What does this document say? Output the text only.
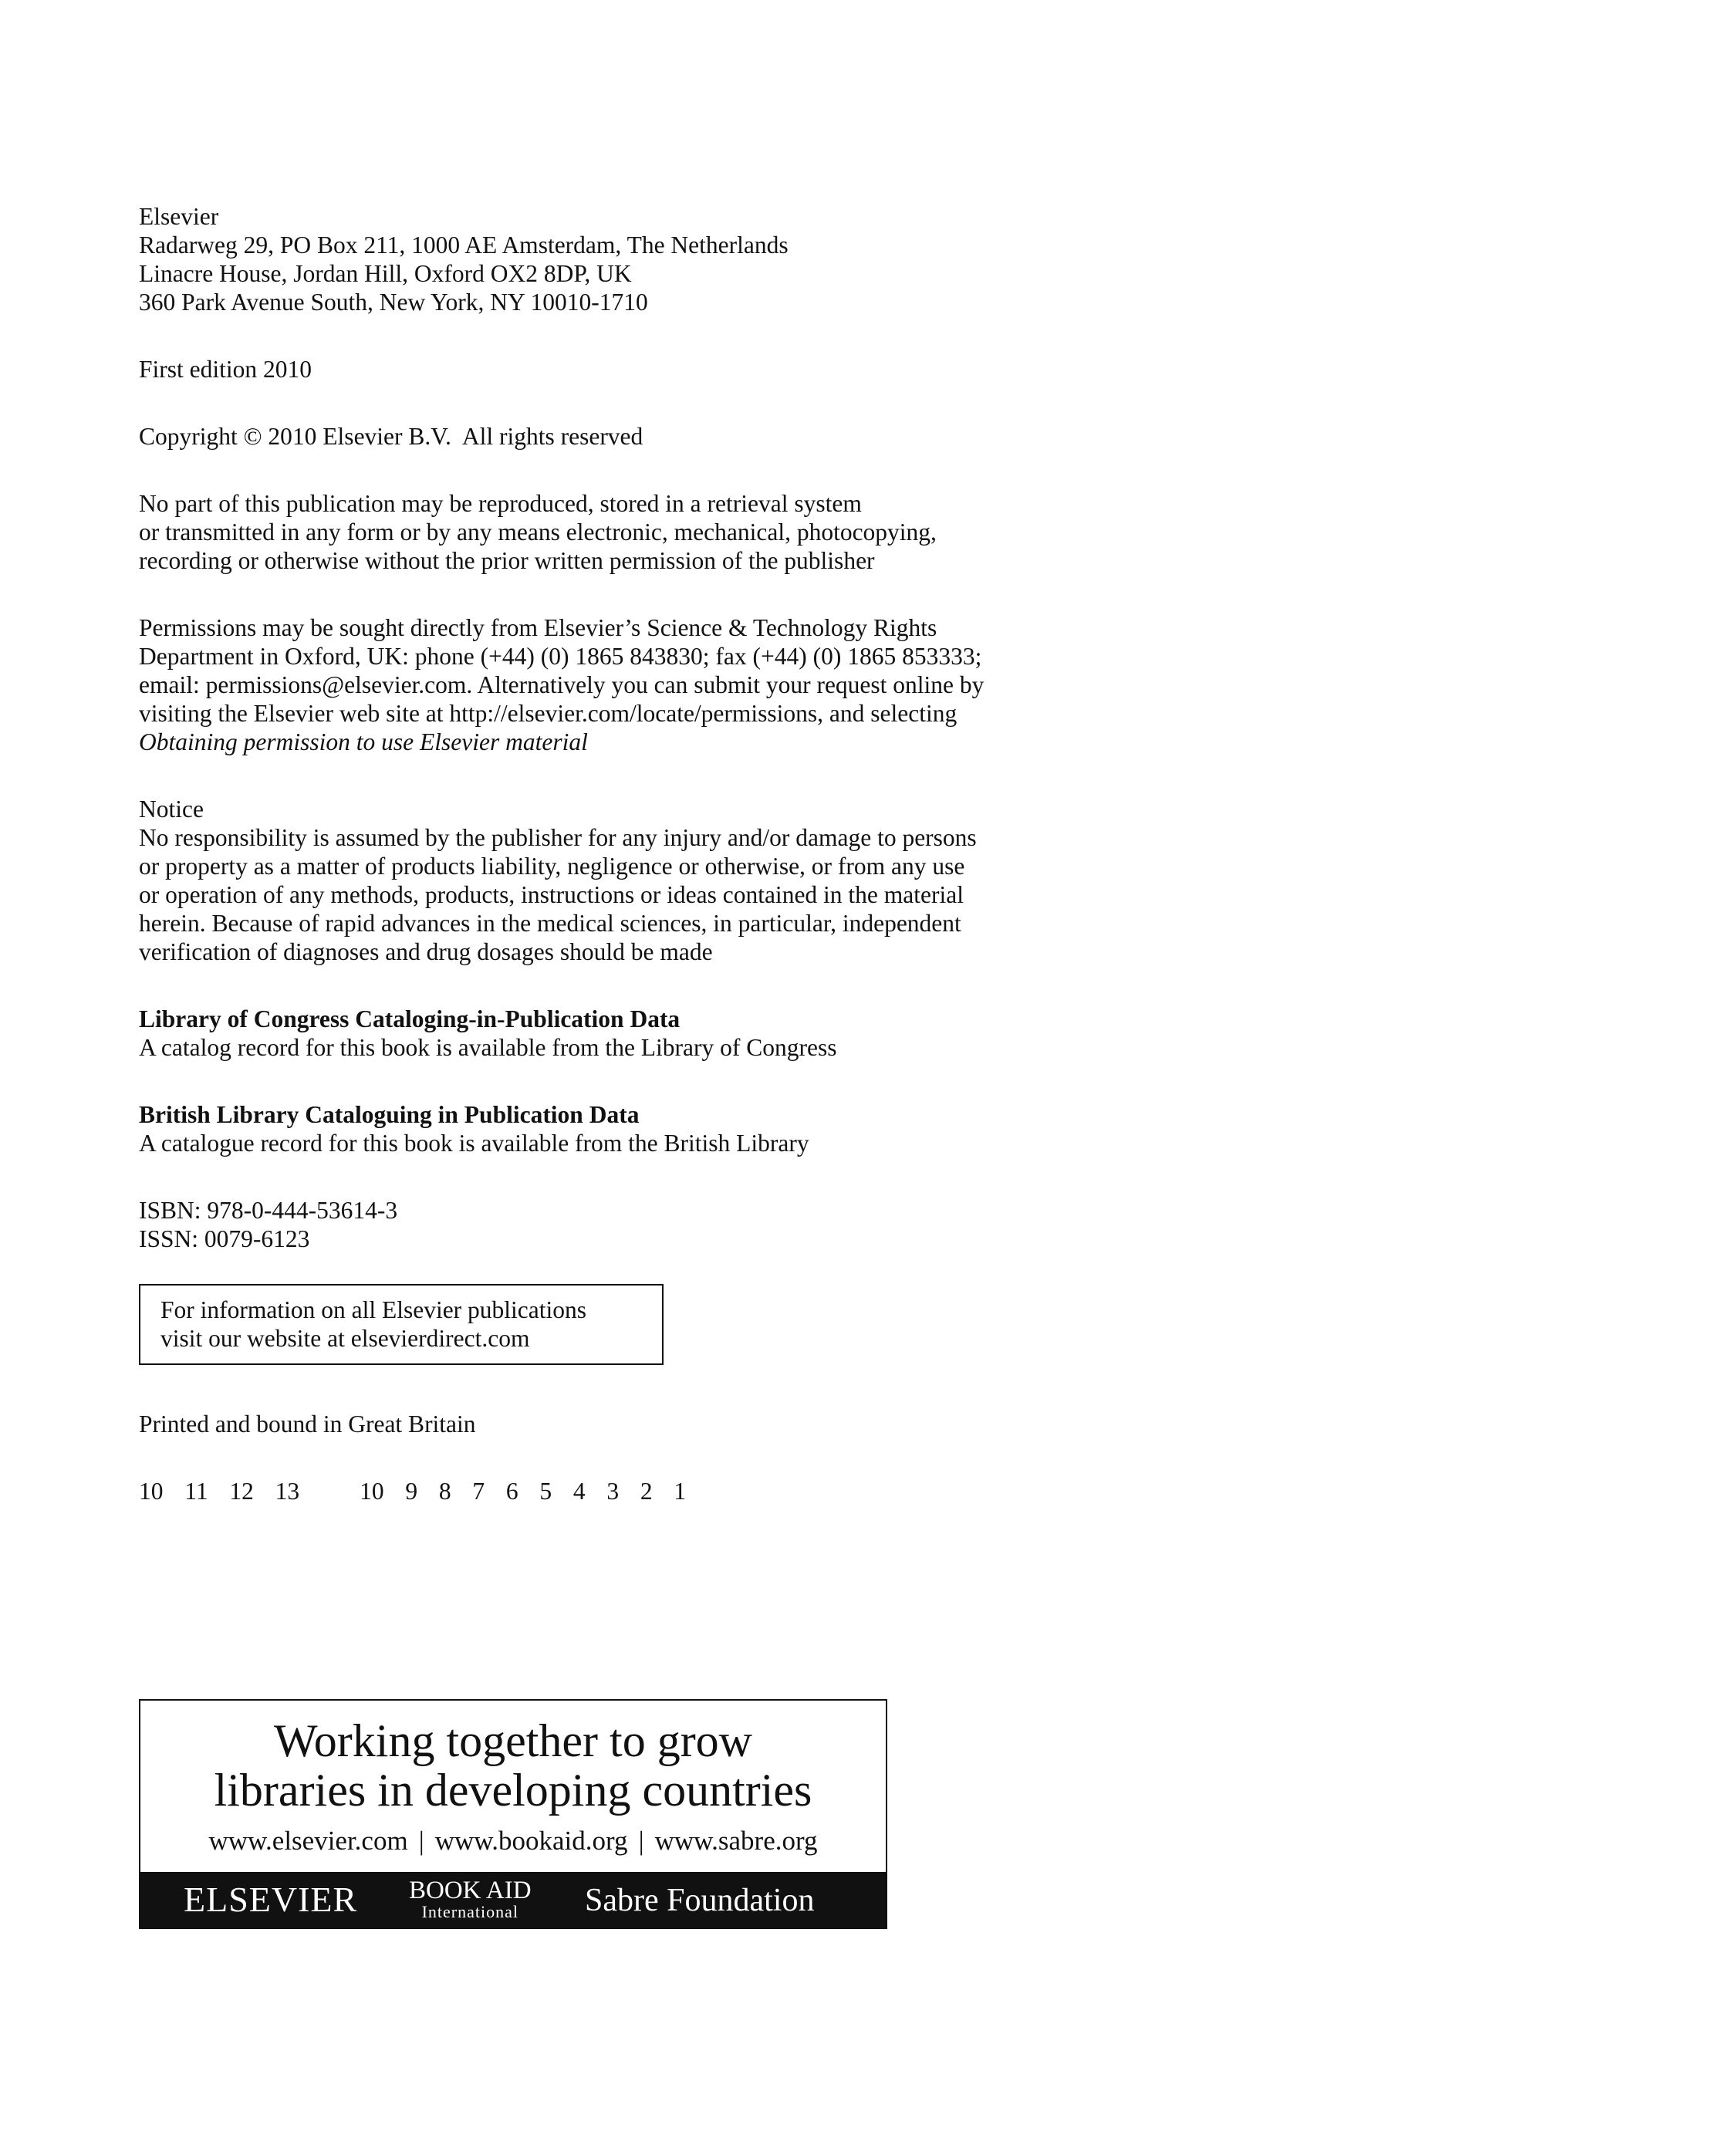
Elsevier
Radarweg 29, PO Box 211, 1000 AE Amsterdam, The Netherlands
Linacre House, Jordan Hill, Oxford OX2 8DP, UK
360 Park Avenue South, New York, NY 10010-1710
First edition 2010
Copyright © 2010 Elsevier B.V.  All rights reserved
No part of this publication may be reproduced, stored in a retrieval system
or transmitted in any form or by any means electronic, mechanical, photocopying,
recording or otherwise without the prior written permission of the publisher
Permissions may be sought directly from Elsevier’s Science & Technology Rights
Department in Oxford, UK: phone (+44) (0) 1865 843830; fax (+44) (0) 1865 853333;
email: permissions@elsevier.com. Alternatively you can submit your request online by
visiting the Elsevier web site at http://elsevier.com/locate/permissions, and selecting
Obtaining permission to use Elsevier material
Notice
No responsibility is assumed by the publisher for any injury and/or damage to persons
or property as a matter of products liability, negligence or otherwise, or from any use
or operation of any methods, products, instructions or ideas contained in the material
herein. Because of rapid advances in the medical sciences, in particular, independent
verification of diagnoses and drug dosages should be made
Library of Congress Cataloging-in-Publication Data
A catalog record for this book is available from the Library of Congress
British Library Cataloguing in Publication Data
A catalogue record for this book is available from the British Library
ISBN: 978-0-444-53614-3
ISSN: 0079-6123
For information on all Elsevier publications
visit our website at elsevierdirect.com
Printed and bound in Great Britain
10  11  12  13 10  9  8  7  6  5  4  3  2  1
Working together to grow
libraries in developing countries
www.elsevier.com | www.bookaid.org | www.sabre.org
ELSEVIER BOOK AID
International	Sabre Foundation
